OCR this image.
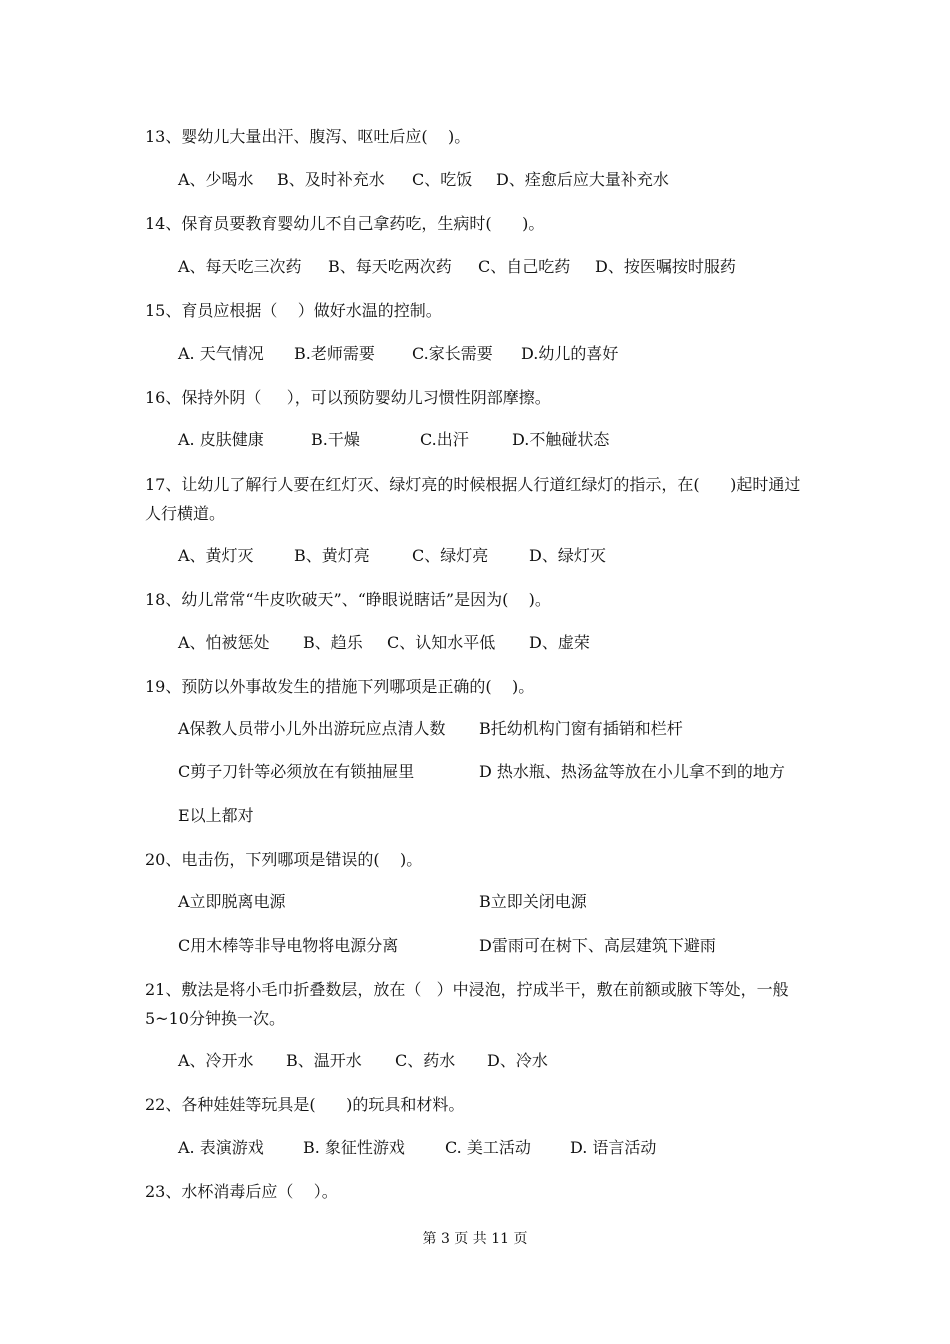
13、婴幼儿大量出汗、腹泻、呕吐后应(    )。
A、少喝水 B、及时补充水 C、吃饭 D、痊愈后应大量补充水
14、保育员要教育婴幼儿不自己拿药吃，生病时(      )。
A、每天吃三次药 B、每天吃两次药 C、自己吃药 D、按医嘱按时服药
15、育员应根据（    ）做好水温的控制。
A. 天气情况 B.老师需要 C.家长需要 D.幼儿的喜好
16、保持外阴（     ），可以预防婴幼儿习惯性阴部摩擦。
A. 皮肤健康	B.干燥	C.出汗	D.不触碰状态
17、让幼儿了解行人要在红灯灭、绿灯亮的时候根据人行道红绿灯的指示，在(      )起时通过人行横道。
A、黄灯灭	B、黄灯亮	C、绿灯亮	D、绿灯灭
18、幼儿常常“牛皮吹破天”、“睁眼说瞎话”是因为(    )。
A、怕被惩处 B、趋乐 C、认知水平低 D、虚荣
19、预防以外事故发生的措施下列哪项是正确的(    )。
A保教人员带小儿外出游玩应点清人数 B托幼机构门窗有插销和栏杆
C剪子刀针等必须放在有锁抽屉里	D 热水瓶、热汤盆等放在小儿拿不到的地方
E以上都对
20、电击伤，下列哪项是错误的(    )。
A立即脱离电源	B立即关闭电源
C用木棒等非导电物将电源分离	D雷雨可在树下、高层建筑下避雨
21、敷法是将小毛巾折叠数层，放在（   ）中浸泡，拧成半干，敷在前额或腋下等处，一般5~10分钟换一次。
A、冷开水 B、温开水 C、药水 D、冷水
22、各种娃娃等玩具是(      )的玩具和材料。
A. 表演游戏 B. 象征性游戏	C. 美工活动 D. 语言活动
23、水杯消毒后应（    ）。
第 3 页 共 11 页
